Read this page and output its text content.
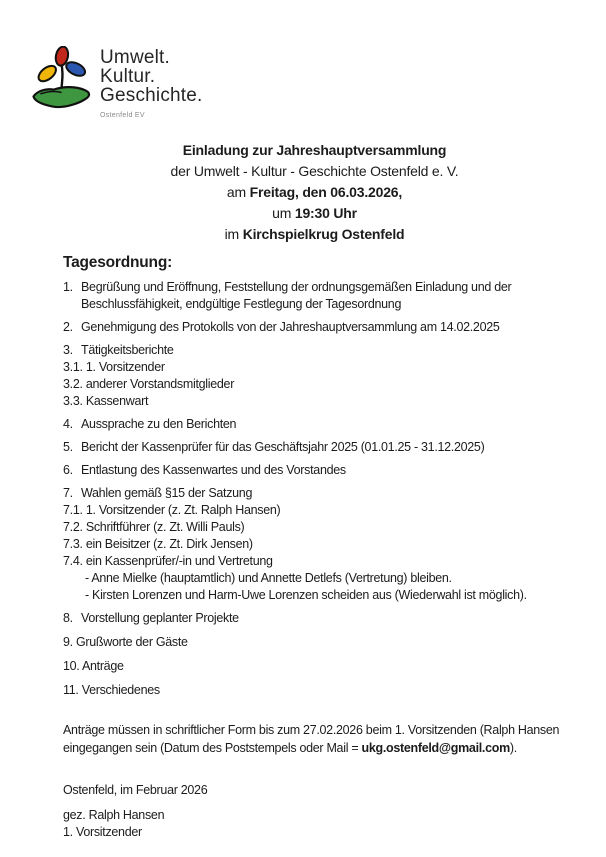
Umwelt.
Kultur.
Geschichte.
Ostenfeld EV
Einladung zur Jahreshauptversammlung
der Umwelt - Kultur - Geschichte Ostenfeld e. V.
am Freitag, den 06.03.2026,
um 19:30 Uhr
im Kirchspielkrug Ostenfeld
Tagesordnung:
1. Begrüßung und Eröffnung, Feststellung der ordnungsgemäßen Einladung und der Beschlussfähigkeit, endgültige Festlegung der Tagesordnung
2. Genehmigung des Protokolls von der Jahreshauptversammlung am 14.02.2025
3. Tätigkeitsberichte
3.1. 1. Vorsitzender
3.2. anderer Vorstandsmitglieder
3.3. Kassenwart
4. Aussprache zu den Berichten
5. Bericht der Kassenprüfer für das Geschäftsjahr 2025 (01.01.25 - 31.12.2025)
6. Entlastung des Kassenwartes und des Vorstandes
7. Wahlen gemäß §15 der Satzung
7.1. 1. Vorsitzender (z. Zt. Ralph Hansen)
7.2. Schriftführer (z. Zt. Willi Pauls)
7.3. ein Beisitzer (z. Zt. Dirk Jensen)
7.4. ein Kassenprüfer/-in und Vertretung
- Anne Mielke (hauptamtlich) und Annette Detlefs (Vertretung) bleiben.
- Kirsten Lorenzen und Harm-Uwe Lorenzen scheiden aus (Wiederwahl ist möglich).
8. Vorstellung geplanter Projekte
9. Grußworte der Gäste
10. Anträge
11. Verschiedenes
Anträge müssen in schriftlicher Form bis zum 27.02.2026 beim 1. Vorsitzenden (Ralph Hansen
eingegangen sein (Datum des Poststempels oder Mail = ukg.ostenfeld@gmail.com).
Ostenfeld, im Februar 2026
gez. Ralph Hansen
1. Vorsitzender
